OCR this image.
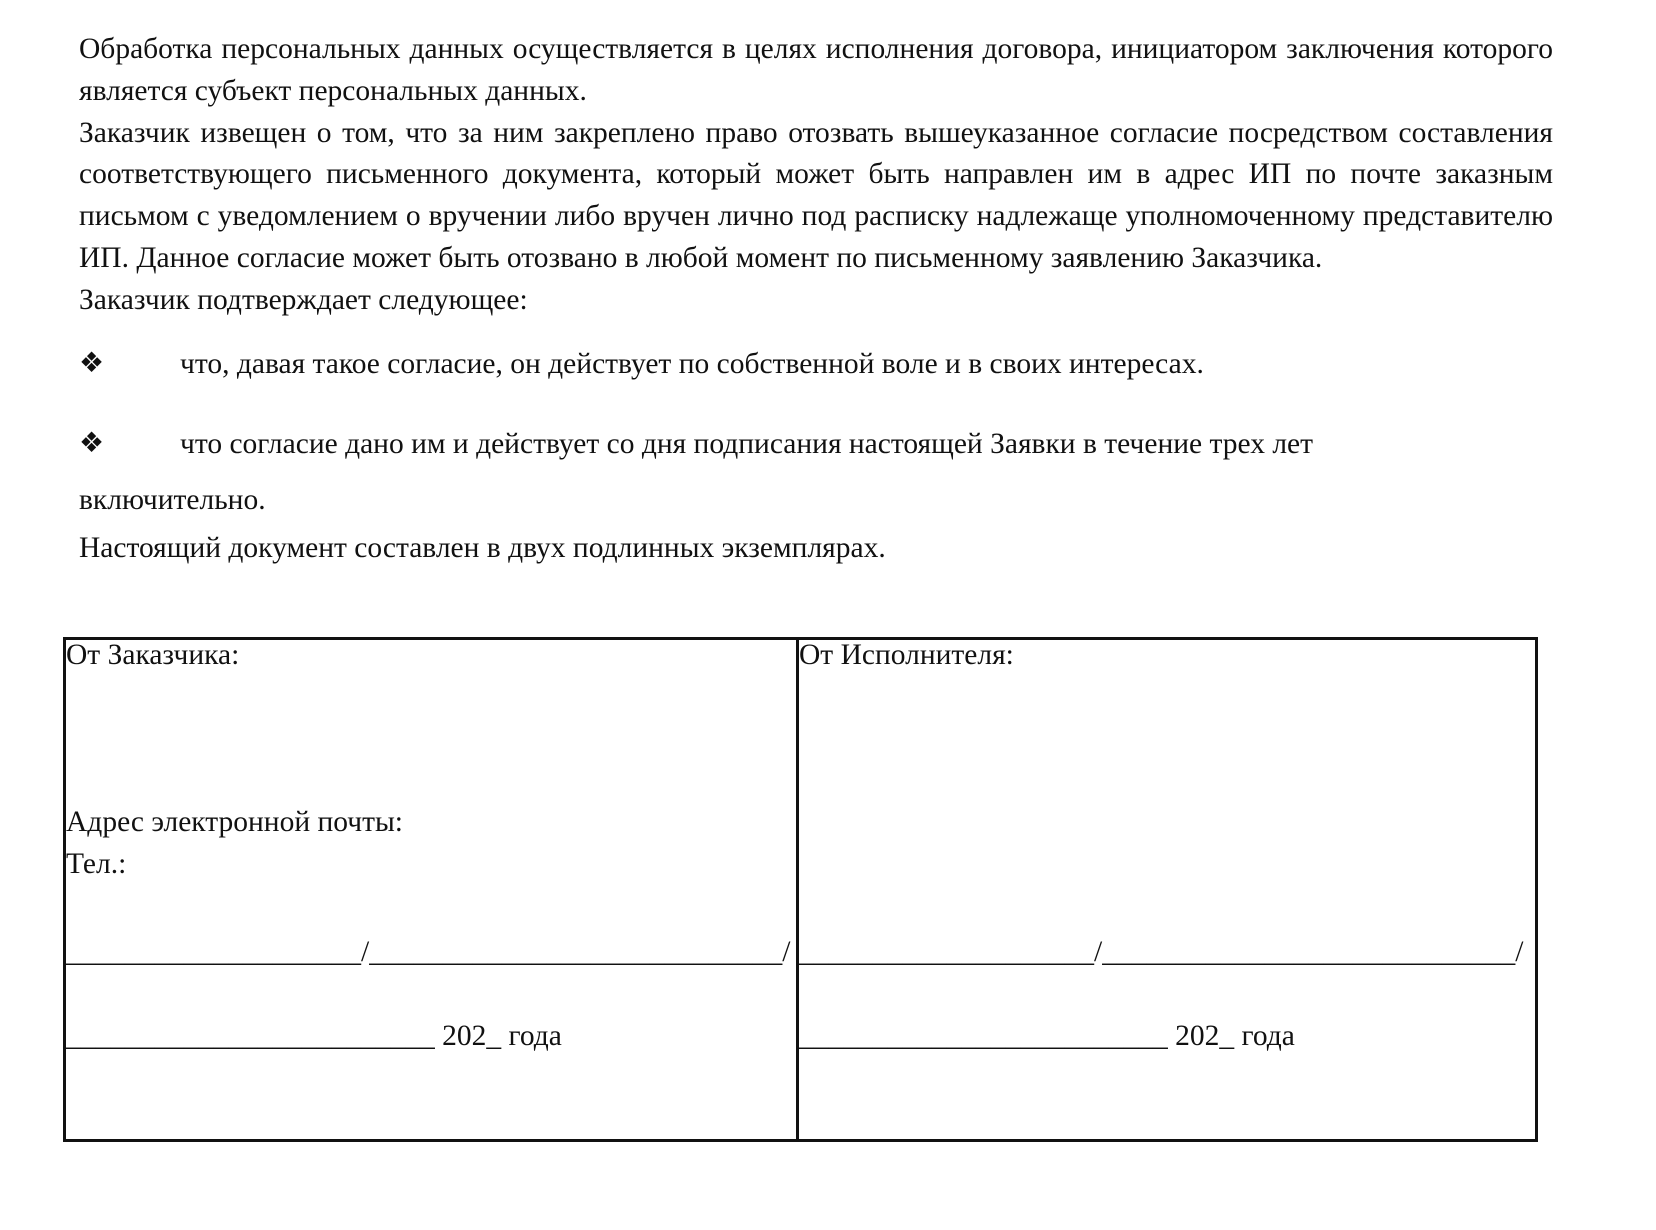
Обработка персональных данных осуществляется в целях исполнения договора, инициатором заключения которого является субъект персональных данных.

Заказчик извещен о том, что за ним закреплено право отозвать вышеуказанное согласие посредством составления соответствующего письменного документа, который может быть направлен им в адрес ИП по почте заказным письмом с уведомлением о вручении либо вручен лично под расписку надлежаще уполномоченному представителю ИП. Данное согласие может быть отозвано в любой момент по письменному заявлению Заказчика.

Заказчик подтверждает следующее:

❖	что, давая такое согласие, он действует по собственной воле и в своих интересах.
❖	что согласие дано им и действует со дня подписания настоящей Заявки в течение трех лет
включительно.

Настоящий документ составлен в двух подлинных экземплярах.

От Заказчика:
Адрес электронной почты:
Тел.:
____________________/____________________________/
_________________________ 202_ года
От Исполнителя:
____________________/____________________________/
_________________________ 202_ года
